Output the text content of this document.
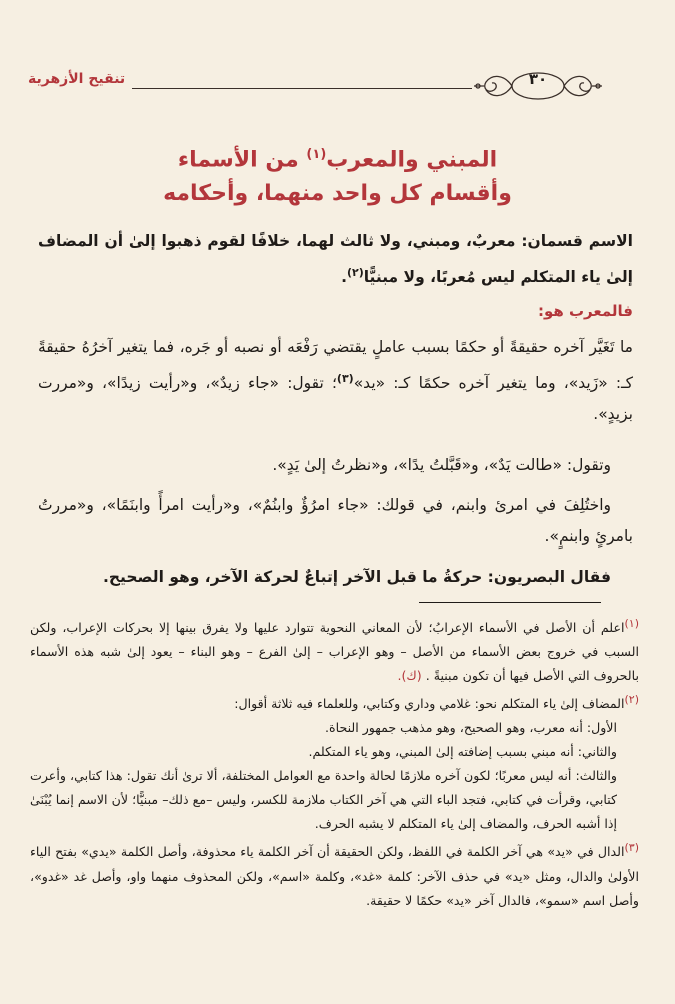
تنقيح الأزهرية	٣٠
المبني والمعرب$^{(١)}$ من الأسماء
وأقسام كل واحد منهما، وأحكامه

الاسم قسمان: معربٌ، ومبني، ولا ثالث لهما، خلافًا لقوم ذهبوا إلىٰ أن المضاف إلىٰ ياء المتكلم ليس مُعربًا، ولا مبنيًّا$^{(٢)}$.

فالمعرب هو:

ما تَغَيَّر آخره حقيقةً أو حكمًا بسبب عاملٍ يقتضي رَفْعَه أو نصبه أو جَره، فما يتغير آخرُهُ حقيقةً كـ: «زَيد»، وما يتغير آخره حكمًا كـ: «يد»$^{(٣)}$؛ تقول: «جاء زيدٌ»، و«رأيت زيدًا»، و«مررت بزيدٍ».

وتقول: «طالت يَدٌ»، و«قَبَّلتُ يدًا»، و«نظرتُ إلىٰ يَدٍ».

واختُلِفَ في امرئ وابنم، في قولك: «جاء امرُؤٌ وابنُمٌ»، و«رأيت امرأً وابنَمًا»، و«مررتُ بامرئٍ وابنمٍ».

فقال البصريون: حركةُ ما قبل الآخر إتباعٌ لحركة الآخر، وهو الصحيح.

(١)اعلم أن الأصل في الأسماء الإعرابُ؛ لأن المعاني النحوية تتوارد عليها ولا يفرق بينها إلا بحركات الإعراب، ولكن السبب في خروج بعض الأسماء من الأصل – وهو الإعراب – إلىٰ الفرع – وهو البناء – يعود إلىٰ شبه هذه الأسماء بالحروف التي الأصل فيها أن تكون مبنيةً . (ك).

(٢)المضاف إلىٰ ياء المتكلم نحو: غلامي وداري وكتابي، وللعلماء فيه ثلاثة أقوال:

الأول: أنه معرب، وهو الصحيح، وهو مذهب جمهور النحاة.

والثاني: أنه مبني بسبب إضافته إلىٰ المبني، وهو ياء المتكلم.

والثالث: أنه ليس معربًا؛ لكون آخره ملازمًا لحالة واحدة مع العوامل المختلفة، ألا ترىٰ أنك تقول: هذا كتابي، وأعرت كتابي، وقرأت في كتابي، فتجد الباء التي هي آخر الكتاب ملازمة للكسر، وليس –مع ذلك– مبنيًّا؛ لأن الاسم إنما يُبْنَىٰ إذا أشبه الحرف، والمضاف إلىٰ ياء المتكلم لا يشبه الحرف.

(٣)الدال في «يد» هي آخر الكلمة في اللفظ، ولكن الحقيقة أن آخر الكلمة ياء محذوفة، وأصل الكلمة «يدي» بفتح الياء الأولىٰ والدال، ومثل «يد» في حذف الآخر: كلمة «غد»، وكلمة «اسم»، ولكن المحذوف منهما واو، وأصل غد «غدو»، وأصل اسم «سمو»، فالدال آخر «يد» حكمًا لا حقيقة.
